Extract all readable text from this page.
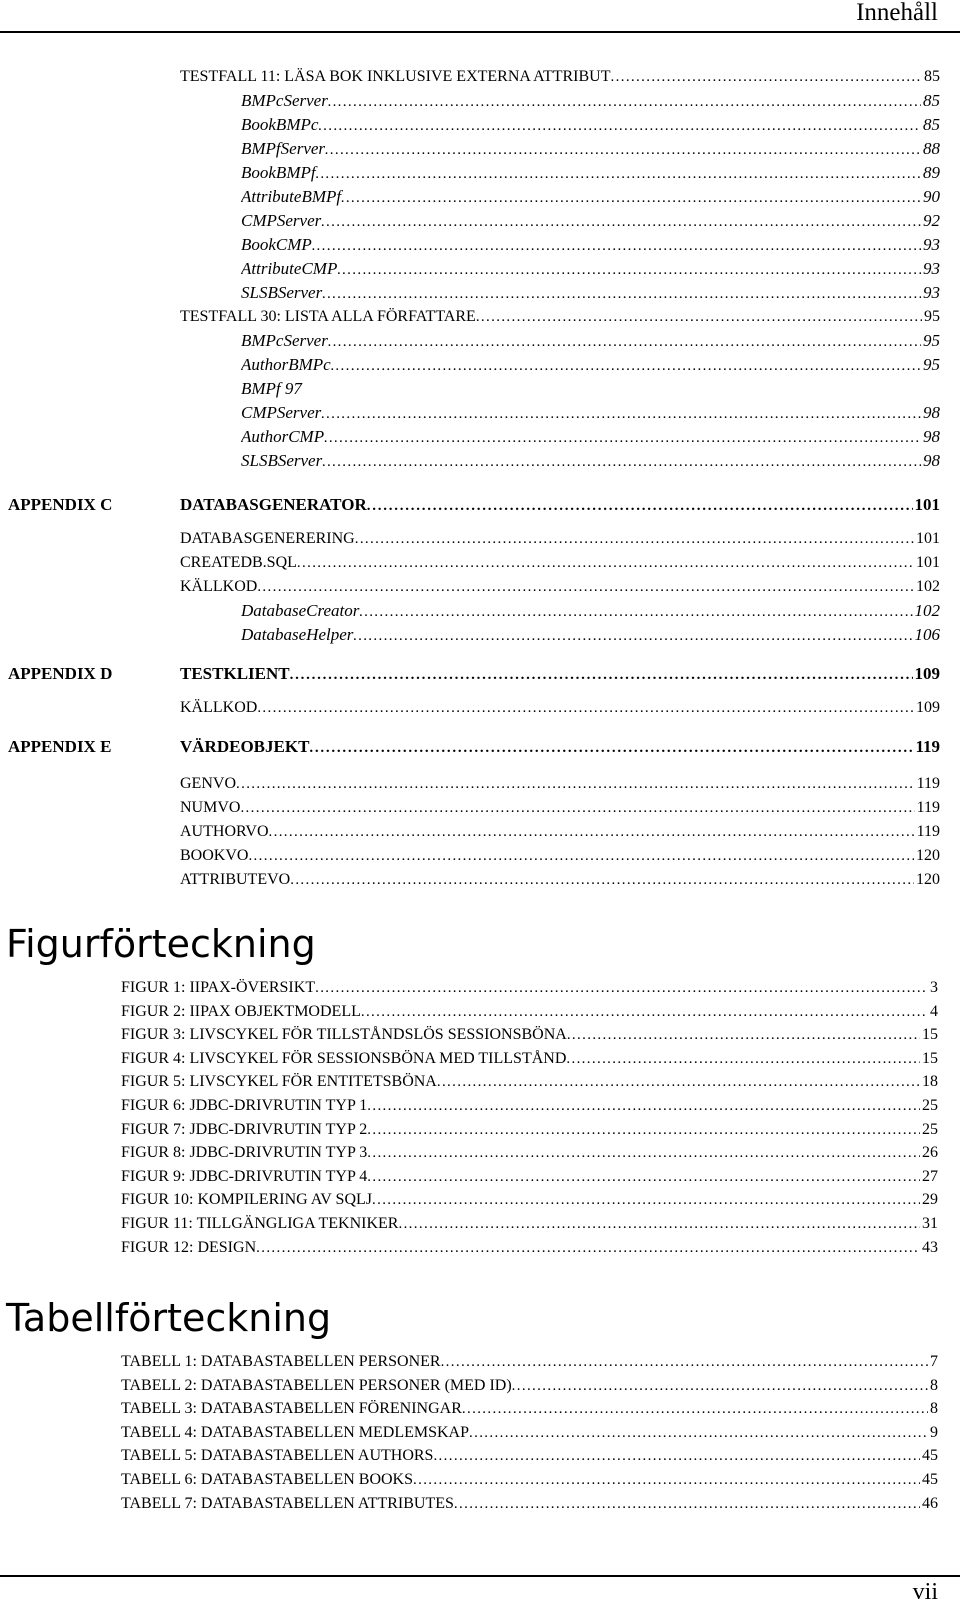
Innehåll
TESTFALL 11: LÄSA BOK INKLUSIVE EXTERNA ATTRIBUT . . .	85
BMPcServer . . .	85
BookBMPc . . .	85
BMPfServer . . .	88
BookBMPf . . .	89
AttributeBMPf . . .	90
CMPServer . . .	92
BookCMP . . .	93
AttributeCMP . . .	93
SLSBServer . . .	93
TESTFALL 30: LISTA ALLA FÖRFATTARE . . .	95
BMPcServer . . .	95
AuthorBMPc . . .	95
BMPf 97
CMPServer . . .	98
AuthorCMP . . .	98
SLSBServer . . .	98
APPENDIX C	DATABASGENERATOR . . .	101
DATABASGENERERING . . .	101
CREATEDB.SQL . . .	101
KÄLLKOD . . .	102
DatabaseCreator . . .	102
DatabaseHelper . . .	106
APPENDIX D	TESTKLIENT . . .	109
KÄLLKOD . . .	109
APPENDIX E	VÄRDEOBJEKT . . .	119
GENVO . . .	119
NUMVO . . .	119
AUTHORVO . . .	119
BOOKVO . . .	120
ATTRIBUTEVO . . .	120
Figurförteckning
FIGUR 1: IIPAX-ÖVERSIKT . . .	3
FIGUR 2: IIPAX OBJEKTMODELL . . .	4
FIGUR 3: LIVSCYKEL FÖR TILLSTÅNDSLÖS SESSIONSBÖNA . . .	15
FIGUR 4: LIVSCYKEL FÖR SESSIONSBÖNA MED TILLSTÅND . . .	15
FIGUR 5: LIVSCYKEL FÖR ENTITETSBÖNA . . .	18
FIGUR 6: JDBC-DRIVRUTIN TYP 1 . . .	25
FIGUR 7: JDBC-DRIVRUTIN TYP 2 . . .	25
FIGUR 8: JDBC-DRIVRUTIN TYP 3 . . .	26
FIGUR 9: JDBC-DRIVRUTIN TYP 4 . . .	27
FIGUR 10: KOMPILERING AV SQLJ . . .	29
FIGUR 11: TILLGÄNGLIGA TEKNIKER . . .	31
FIGUR 12: DESIGN . . .	43
Tabellförteckning
TABELL 1: DATABASTABELLEN PERSONER . . .	7
TABELL 2: DATABASTABELLEN PERSONER (MED ID) . . .	8
TABELL 3: DATABASTABELLEN FÖRENINGAR . . .	8
TABELL 4: DATABASTABELLEN MEDLEMSKAP . . .	9
TABELL 5: DATABASTABELLEN AUTHORS . . .	45
TABELL 6: DATABASTABELLEN BOOKS . . .	45
TABELL 7: DATABASTABELLEN ATTRIBUTES . . .	46
vii
